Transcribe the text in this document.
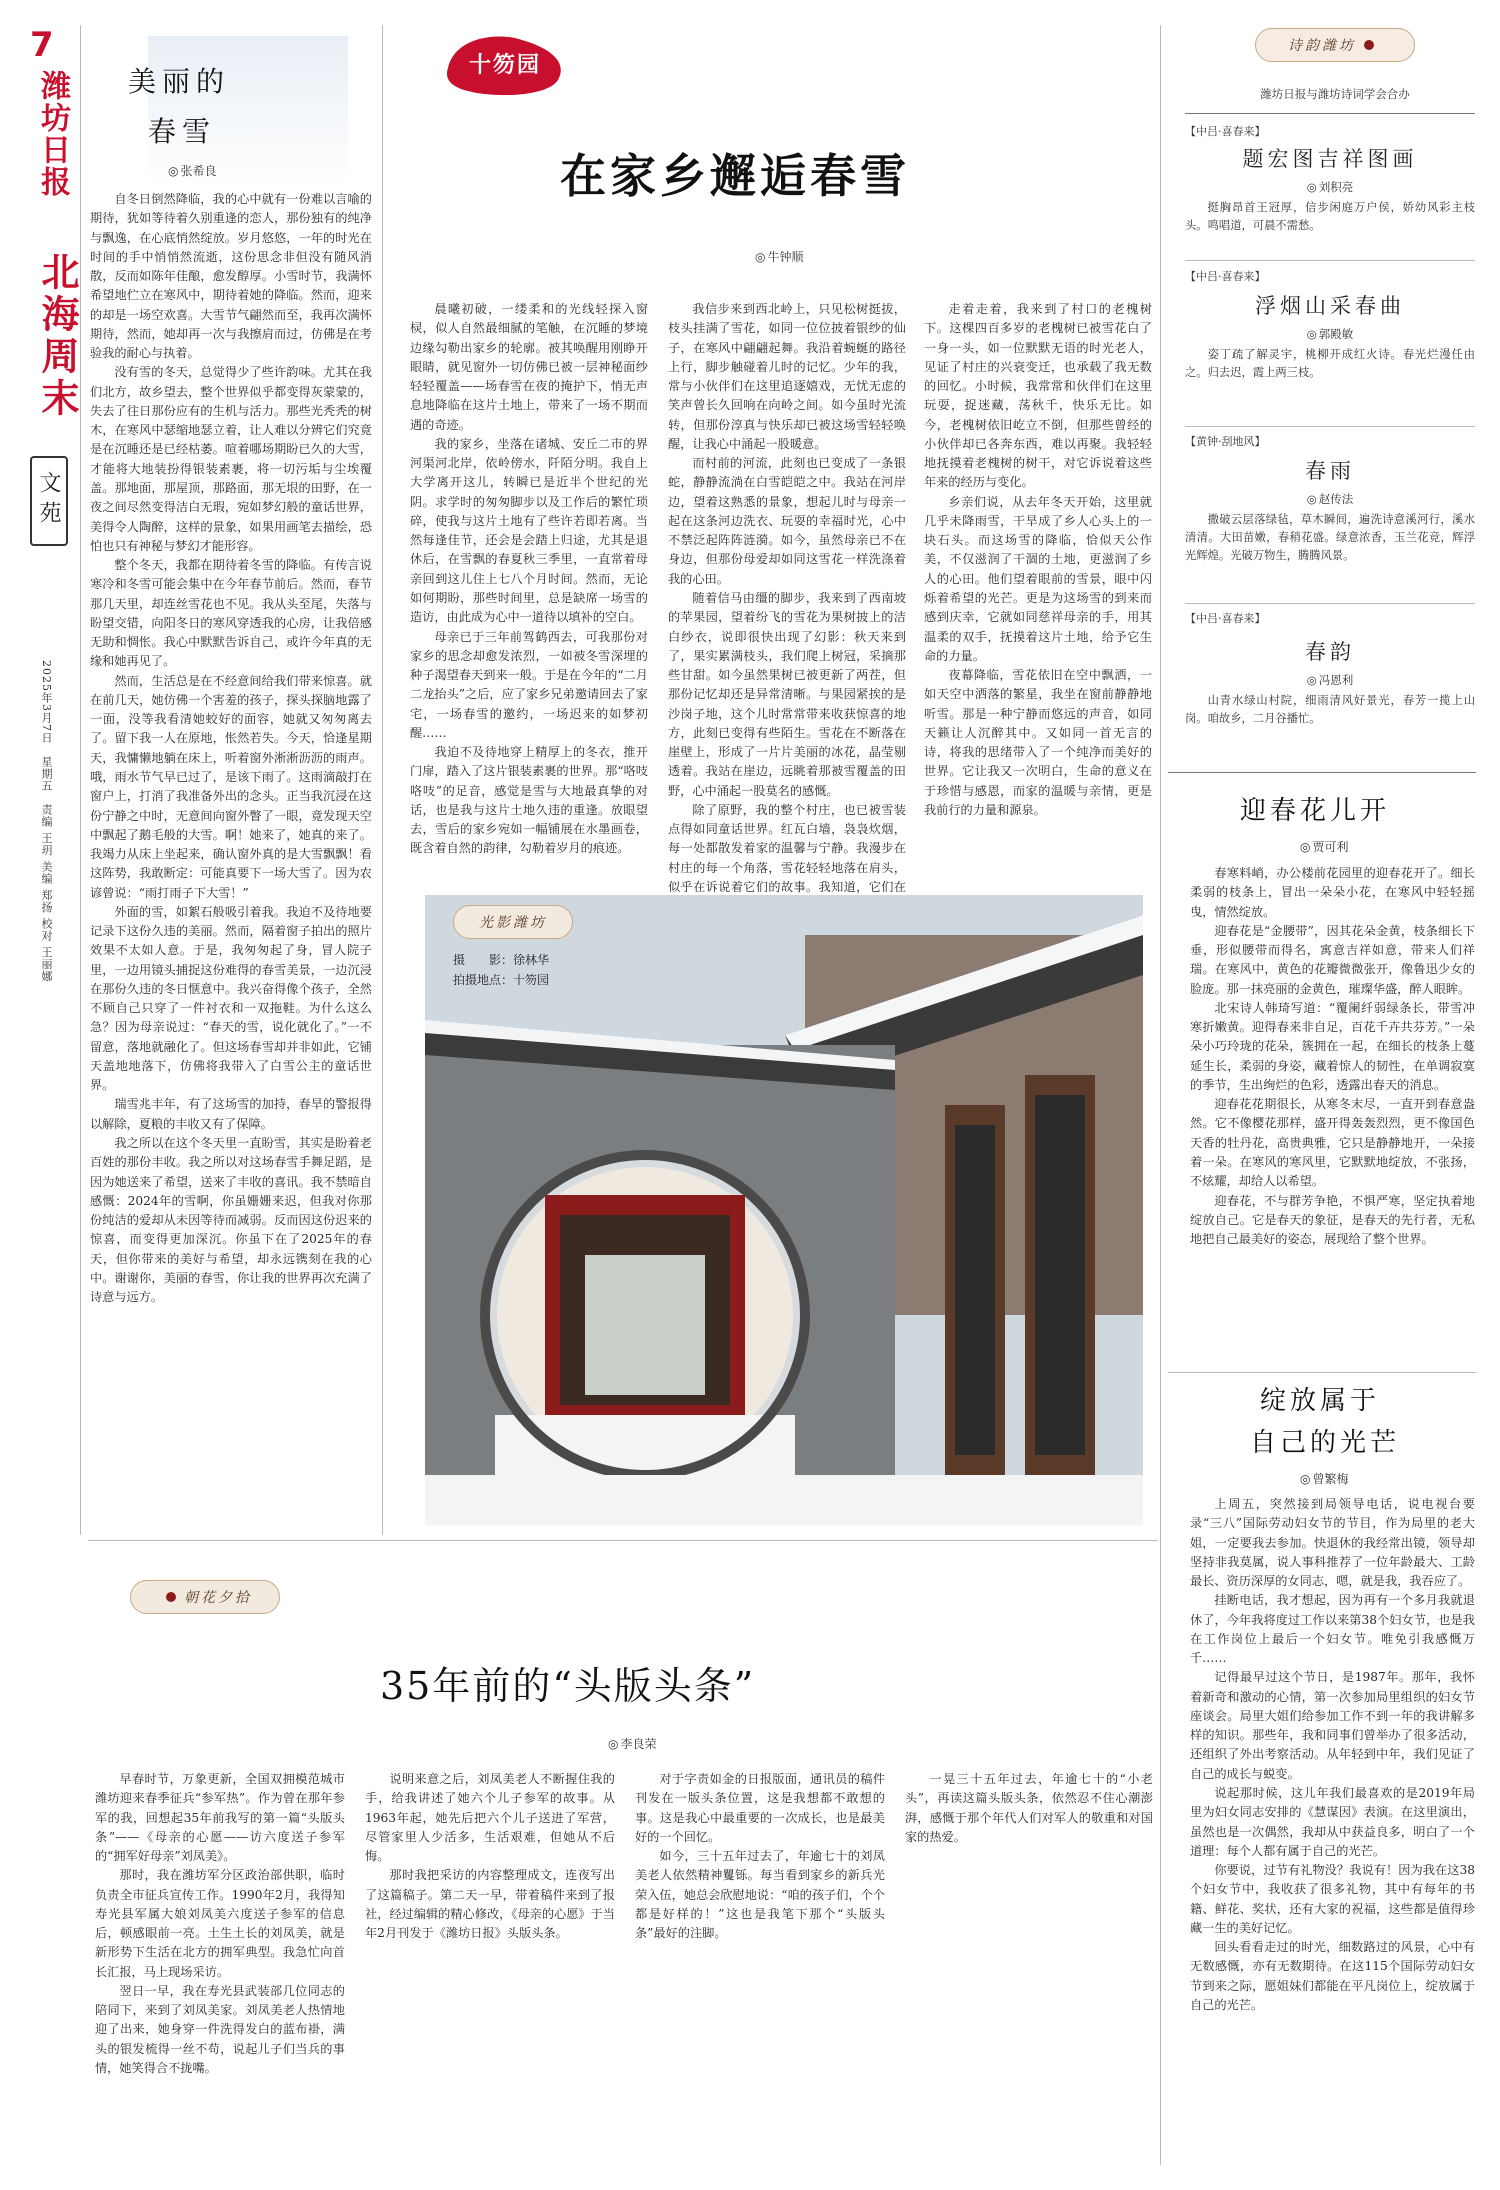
7
潍坊日报
北海周末
文苑
2025年3月7日　星期五　责编 王玥 美编 郑扬 校对 王丽娜
美丽的
春雪
◎ 张希良

自冬日倒然降临，我的心中就有一份难以言喻的期待，犹如等待着久别重逢的恋人，那份独有的纯净与飘逸，在心底悄然绽放。岁月悠悠，一年的时光在时间的手中悄悄然流逝，这份思念非但没有随风消散，反而如陈年佳酿，愈发醇厚。小雪时节，我满怀希望地伫立在寒风中，期待着她的降临。然而，迎来的却是一场空欢喜。大雪节气翩然而至，我再次满怀期待，然而，她却再一次与我擦肩而过，仿佛是在考验我的耐心与执着。

没有雪的冬天，总觉得少了些许韵味。尤其在我们北方，故乡望去，整个世界似乎都变得灰蒙蒙的，失去了往日那份应有的生机与活力。那些光秃秃的树木，在寒风中瑟缩地瑟立着，让人难以分辨它们究竟是在沉睡还是已经枯萎。喧着哪场期盼已久的大雪，才能将大地装扮得银装素裹，将一切污垢与尘埃覆盖。那地面，那屋顶，那路面，那无垠的田野，在一夜之间尽然变得洁白无瑕，宛如梦幻般的童话世界，美得令人陶醉，这样的景象，如果用画笔去描绘，恐怕也只有神秘与梦幻才能形容。

整个冬天，我都在期待着冬雪的降临。有传言说寒冷和冬雪可能会集中在今年春节前后。然而，春节那几天里，却连丝雪花也不见。我从头至尾，失落与盼望交错，向阳冬日的寒风穿透我的心房，让我倍感无助和惆怅。我心中默默告诉自己，或许今年真的无缘和她再见了。

然而，生活总是在不经意间给我们带来惊喜。就在前几天，她仿佛一个害羞的孩子，探头探脑地露了一面，没等我看清她蛟好的面容，她就又匆匆离去了。留下我一人在原地，怅然若失。今天，恰逢星期天，我慵懒地躺在床上，听着窗外淅淅沥沥的雨声。哦，雨水节气早已过了，是该下雨了。这雨滴敲打在窗户上，打消了我准备外出的念头。正当我沉浸在这份宁静之中时，无意间向窗外瞥了一眼，竟发现天空中飘起了鹅毛般的大雪。啊！她来了，她真的来了。我竭力从床上坐起来，确认窗外真的是大雪飘飘！看这阵势，我敢断定：可能真要下一场大雪了。因为农谚曾说：“雨打雨子下大雪！”

外面的雪，如絮石般吸引着我。我迫不及待地要记录下这份久违的美丽。然而，隔着窗子拍出的照片效果不太如人意。于是，我匆匆起了身，冒人院子里，一边用镜头捕捉这份难得的春雪美景，一边沉浸在那份久违的冬日惬意中。我兴奋得像个孩子，全然不顾自己只穿了一件衬衣和一双拖鞋。为什么这么急？因为母亲说过：“春天的雪，说化就化了。”一不留意，落地就融化了。但这场春雪却并非如此，它铺天盖地地落下，仿佛将我带入了白雪公主的童话世界。

瑞雪兆丰年，有了这场雪的加持，春旱的警报得以解除，夏粮的丰收又有了保障。

我之所以在这个冬天里一直盼雪，其实是盼着老百姓的那份丰收。我之所以对这场春雪手舞足蹈，是因为她送来了希望，送来了丰收的喜讯。我不禁暗自感慨：2024年的雪啊，你虽姗姗来迟，但我对你那份纯洁的爱却从未因等待而减弱。反而因这份迟来的惊喜，而变得更加深沉。你虽下在了2025年的春天，但你带来的美好与希望，却永远镌刻在我的心中。谢谢你，美丽的春雪，你让我的世界再次充满了诗意与远方。

十笏园
在家乡邂逅春雪
◎ 牛钟顺

晨曦初破，一缕柔和的光线轻探入窗棂，似人自然最细腻的笔触，在沉睡的梦境边缘勾勒出家乡的轮廓。被其唤醒用刚睁开眼睛，就见窗外一切仿佛已被一层神秘面纱轻轻覆盖——场春雪在夜的掩护下，悄无声息地降临在这片土地上，带来了一场不期而遇的奇迹。

我的家乡，坐落在诸城、安丘二市的界河渠河北岸，依岭傍水，阡陌分明。我自上大学离开这儿，转瞬已是近半个世纪的光阴。求学时的匆匆脚步以及工作后的繁忙琐碎，使我与这片土地有了些许若即若离。当然每逢佳节，还会是会踏上归途，尤其是退休后，在雪飘的春夏秋三季里，一直常着母亲回到这儿住上七八个月时间。然而，无论如何期盼，那些时间里，总是缺席一场雪的造访，由此成为心中一道待以填补的空白。

母亲已于三年前驾鹤西去，可我那份对家乡的思念却愈发浓烈，一如被冬雪深埋的种子渴望春天到来一般。于是在今年的“二月二龙抬头”之后，应了家乡兄弟邀请回去了家宅，一场春雪的邀约，一场迟来的如梦初醒……

我迫不及待地穿上精厚上的冬衣，推开门扉，踏入了这片银装素裹的世界。那“咯吱咯吱”的足音，感觉是雪与大地最真挚的对话，也是我与这片土地久违的重逢。放眼望去，雪后的家乡宛如一幅铺展在水墨画卷，既含着自然的韵律，勾勒着岁月的痕迹。

我信步来到西北岭上，只见松树挺拔，枝头挂满了雪花，如同一位位披着银纱的仙子，在寒风中翩翩起舞。我沿着蜿蜒的路径上行，脚步触碰着儿时的记忆。少年的我，常与小伙伴们在这里追逐嬉戏，无忧无虑的笑声曾长久回响在向岭之间。如今虽时光流转，但那份淳真与快乐却已被这场雪轻轻唤醒，让我心中涌起一股暖意。

而村前的河流，此刻也已变成了一条银蛇，静静流淌在白雪皑皑之中。我站在河岸边，望着这熟悉的景象，想起儿时与母亲一起在这条河边洗衣、玩耍的幸福时光，心中不禁泛起阵阵涟漪。如今，虽然母亲已不在身边，但那份母爱却如同这雪花一样洗涤着我的心田。

随着信马由缰的脚步，我来到了西南坡的苹果园，望着纷飞的雪花为果树披上的洁白纱衣，说即很快出现了幻影：秋天来到了，果实累满枝头，我们爬上树冠，采摘那些甘甜。如今虽然果树已被更新了两茬，但那份记忆却还是异常清晰。与果园紧挨的是沙岗子地，这个儿时常常带来收获惊喜的地方，此刻已变得有些陌生。雪花在不断落在崖壁上，形成了一片片美丽的冰花，晶莹剔透着。我站在崖边，远眺着那被雪覆盖的田野，心中涌起一股莫名的感慨。

除了原野，我的整个村庄，也已被雪装点得如同童话世界。红瓦白墙，袅袅炊烟，每一处都散发着家的温馨与宁静。我漫步在村庄的每一个角落，雪花轻轻地落在肩头，似乎在诉说着它们的故事。我知道，它们在

走着走着，我来到了村口的老槐树下。这棵四百多岁的老槐树已被雪花白了一身一头，如一位默默无语的时光老人，见证了村庄的兴衰变迁，也承载了我无数的回忆。小时候，我常常和伙伴们在这里玩耍，捉迷藏，荡秋千，快乐无比。如今，老槐树依旧屹立不倒，但那些曾经的小伙伴却已各奔东西，难以再聚。我轻轻地抚摸着老槐树的树干，对它诉说着这些年来的经历与变化。

乡亲们说，从去年冬天开始，这里就几乎未降雨雪，干旱成了乡人心头上的一块石头。而这场雪的降临，恰似天公作美，不仅滋润了干涸的土地，更滋润了乡人的心田。他们望着眼前的雪景，眼中闪烁着希望的光芒。更是为这场雪的到来而感到庆幸，它就如同慈祥母亲的手，用其温柔的双手，抚摸着这片土地，给予它生命的力量。

夜幕降临，雪花依旧在空中飘洒，一如天空中洒落的繁星，我坐在窗前静静地听雪。那是一种宁静而悠远的声音，如同天籁让人沉醉其中。又如同一首无言的诗，将我的思绪带入了一个纯净而美好的世界。它让我又一次明白，生命的意义在于珍惜与感恩，而家的温暖与亲情，更是我前行的力量和源泉。

光影潍坊
摄　　影：徐林华
拍摄地点：十笏园
朝花夕拾
35年前的“头版头条”
◎ 李良荣

早春时节，万象更新，全国双拥模范城市潍坊迎来春季征兵“参军热”。作为曾在那年参军的我，回想起35年前我写的第一篇“头版头条”——《母亲的心愿——访六度送子参军的“拥军好母亲”刘凤美》。

那时，我在潍坊军分区政治部供职，临时负责全市征兵宣传工作。1990年2月，我得知寿光县军属大娘刘凤美六度送子参军的信息后，顿感眼前一亮。土生土长的刘凤美，就是新形势下生活在北方的拥军典型。我急忙向首长汇报，马上现场采访。

翌日一早，我在寿光县武装部几位同志的陪同下，来到了刘凤美家。刘凤美老人热情地迎了出来，她身穿一件洗得发白的蓝布褂，满头的银发梳得一丝不苟，说起儿子们当兵的事情，她笑得合不拢嘴。

说明来意之后，刘凤美老人不断握住我的手，给我讲述了她六个儿子参军的故事。从1963年起，她先后把六个儿子送进了军营，尽管家里人少活多，生活艰难，但她从不后悔。

那时我把采访的内容整理成文，连夜写出了这篇稿子。第二天一早，带着稿件来到了报社，经过编辑的精心修改，《母亲的心愿》于当年2月刊发于《潍坊日报》头版头条。

对于字责如金的日报版面，通讯员的稿件刊发在一版头条位置，这是我想都不敢想的事。这是我心中最重要的一次成长，也是最美好的一个回忆。

如今，三十五年过去了，年逾七十的刘凤美老人依然精神矍铄。每当看到家乡的新兵光荣入伍，她总会欣慰地说：“咱的孩子们，个个都是好样的！”这也是我笔下那个“头版头条”最好的注脚。

一晃三十五年过去，年逾七十的“小老头”，再读这篇头版头条，依然忍不住心潮澎湃，感慨于那个年代人们对军人的敬重和对国家的热爱。

诗韵潍坊
潍坊日报与潍坊诗词学会合办
【中吕·喜春来】
题宏图吉祥图画
◎ 刘积亮
挺胸昂首王冠厚，信步闲庭万户侯，娇幼风彩主枝头。鸣唱道，可晨不需愁。
【中吕·喜春来】
浮烟山采春曲
◎ 郭殿敏
姿丁疏了解灵宇，桃柳开成红火诗。春光烂漫任由之。归去迟，霞上两三枝。
【黄钟·刮地风】
春雨
◎ 赵传法
撒破云层落绿毡，草木瞬间，遍洗诗意溪河行，溪水清清。大田苗嫩，春稍花盛。绿意浓香，玉兰花竞，辉浮光辉煌。光破万物生，腾腾风景。
【中吕·喜春来】
春韵
◎ 冯恩利
山青水绿山村院，细雨清风好景光，春芳一揽上山岗。咱故乡，二月谷播忙。
迎春花儿开
◎ 贾可利

春寒料峭，办公楼前花园里的迎春花开了。细长柔弱的枝条上，冒出一朵朵小花，在寒风中轻轻摇曳，情然绽放。

迎春花是“金腰带”，因其花朵金黄，枝条细长下垂，形似腰带而得名，寓意吉祥如意，带来人们祥瑞。在寒风中，黄色的花瓣微微张开，像鲁迅少女的脸庞。那一抹亮丽的金黄色，璀璨华盛，醉人眼眸。

北宋诗人韩琦写道：“覆阑纤弱绿条长，带雪冲寒折嫩黄。迎得春来非自足，百花千卉共芬芳。”一朵朵小巧玲珑的花朵，簇拥在一起，在细长的枝条上蔓延生长，柔弱的身姿，藏着惊人的韧性，在单调寂寞的季节，生出绚烂的色彩，透露出春天的消息。

迎春花花期很长，从寒冬末尽，一直开到春意盎然。它不像樱花那样，盛开得轰轰烈烈，更不像国色天香的牡丹花，高贵典雅，它只是静静地开，一朵接着一朵。在寒风的寒风里，它默默地绽放，不张扬，不炫耀，却给人以希望。

迎春花，不与群芳争艳，不惧严寒，坚定执着地绽放自己。它是春天的象征，是春天的先行者，无私地把自己最美好的姿态，展现给了整个世界。

绽放属于
自己的光芒
◎ 曾繁梅

上周五，突然接到局领导电话，说电视台要录“三八”国际劳动妇女节的节目，作为局里的老大姐，一定要我去参加。快退休的我经常出镜，领导却坚持非我莫属，说人事科推荐了一位年龄最大、工龄最长、资历深厚的女同志，嗯，就是我，我吞应了。

挂断电话，我才想起，因为再有一个多月我就退休了，今年我将度过工作以来第38个妇女节，也是我在工作岗位上最后一个妇女节。唯免引我感慨万千……

记得最早过这个节日，是1987年。那年，我怀着新奇和激动的心情，第一次参加局里组织的妇女节座谈会。局里大姐们给参加工作不到一年的我讲解多样的知识。那些年，我和同事们曾举办了很多活动，还组织了外出考察活动。从年轻到中年，我们见证了自己的成长与蜕变。

说起那时候，这儿年我们最喜欢的是2019年局里为妇女同志安排的《慧谋因》表演。在这里演出，虽然也是一次偶然，我却从中获益良多，明白了一个道理：每个人都有属于自己的光芒。

你要说，过节有礼物没？我说有！因为我在这38个妇女节中，我收获了很多礼物，其中有每年的书籍、鲜花、奖状，还有大家的祝福，这些都是值得珍藏一生的美好记忆。

回头看看走过的时光，细数路过的风景，心中有无数感慨，亦有无数期待。在这115个国际劳动妇女节到来之际，愿姐妹们都能在平凡岗位上，绽放属于自己的光芒。
